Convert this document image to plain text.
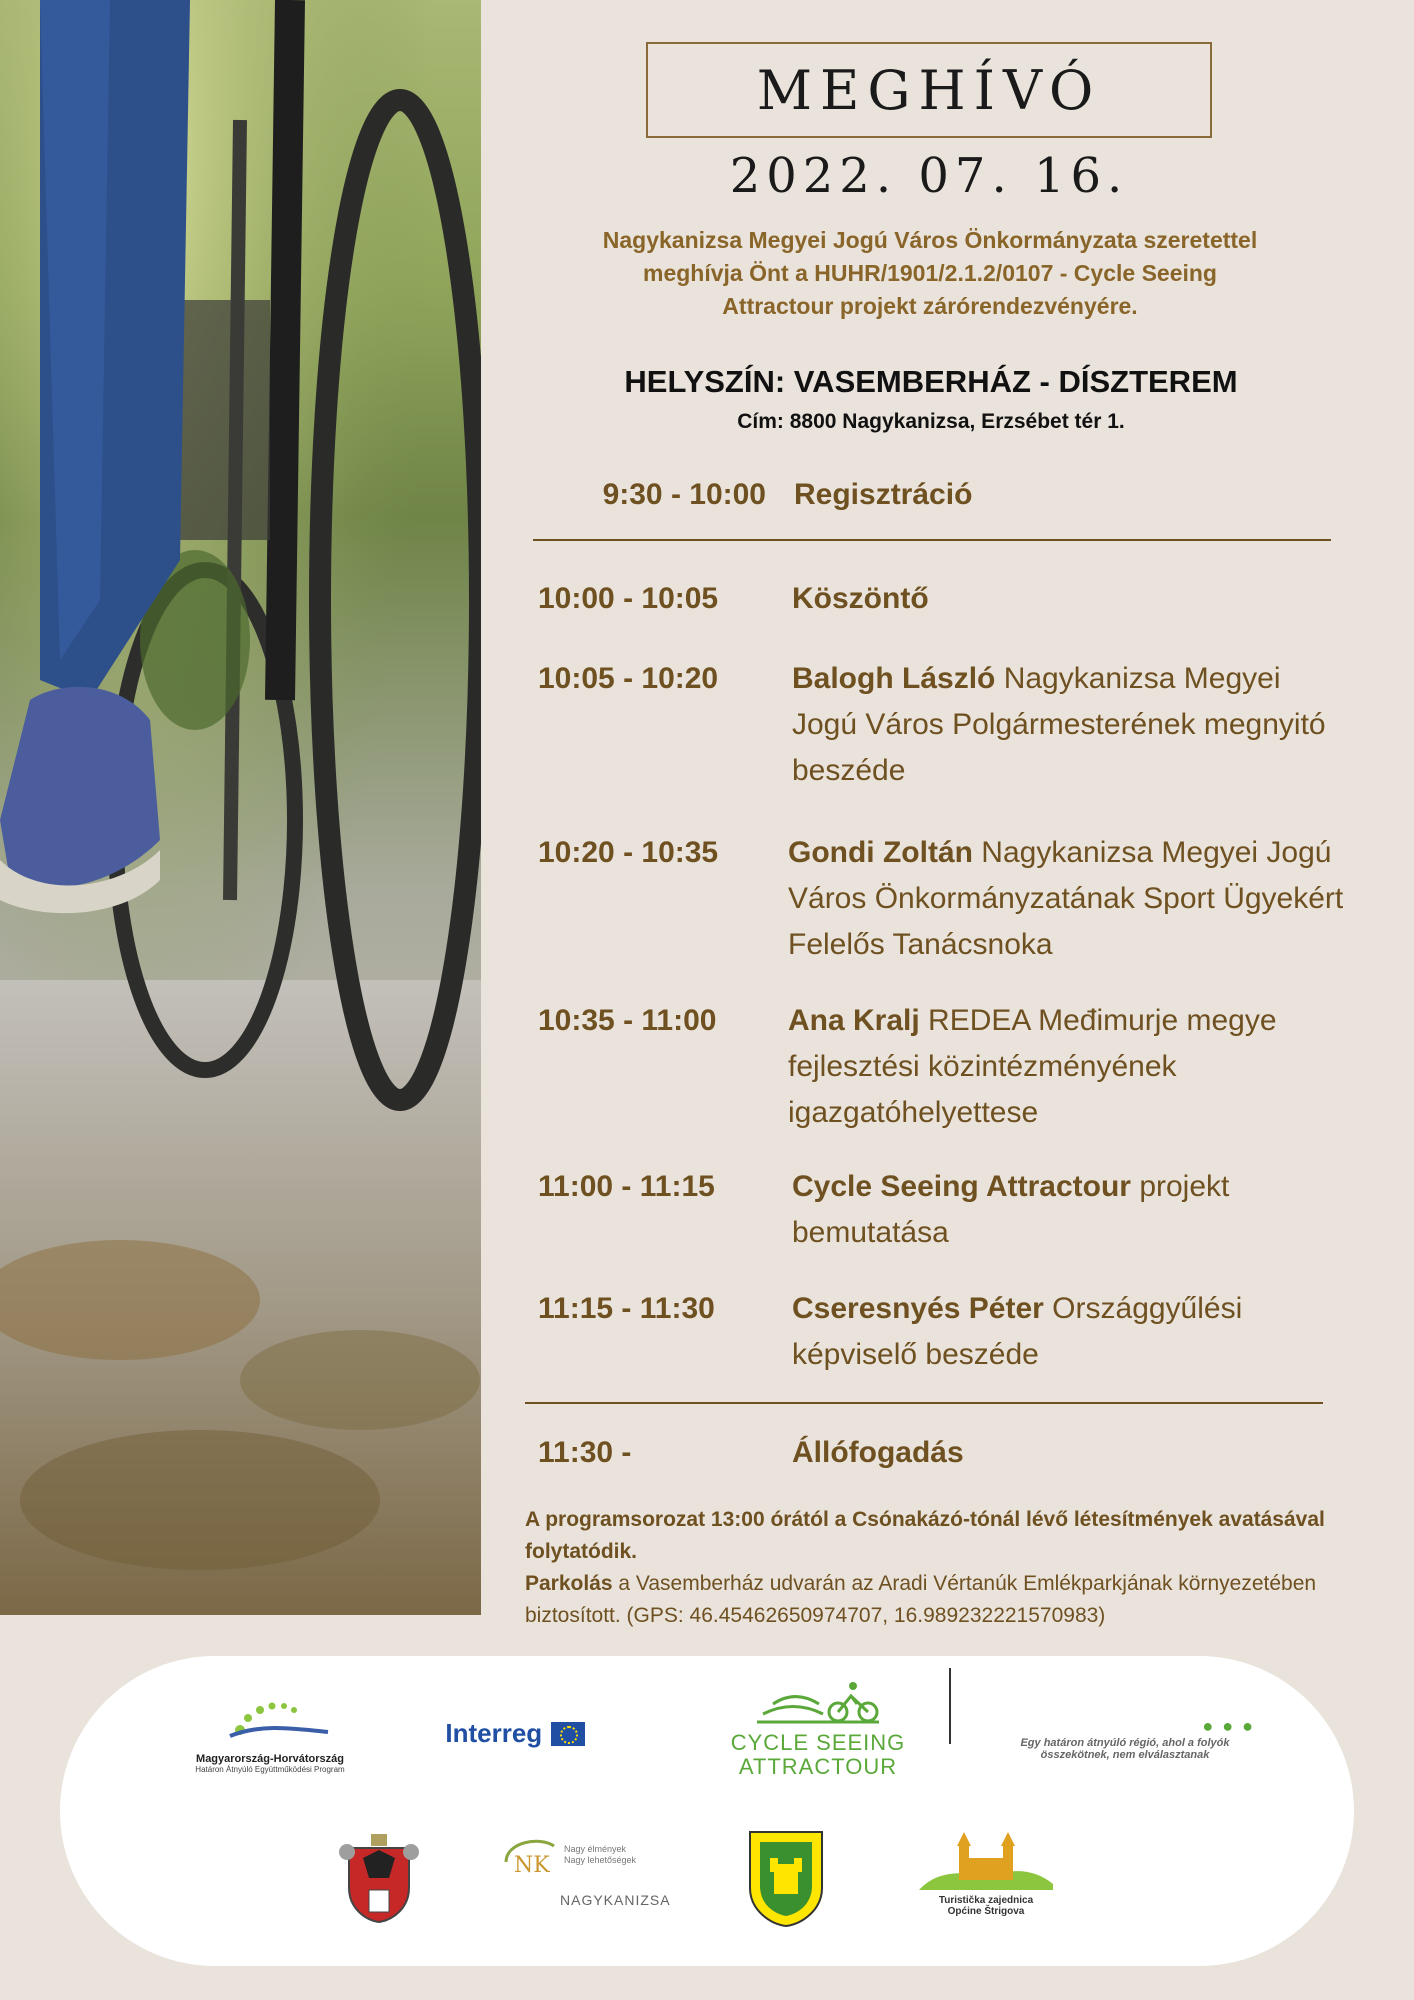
MEGHÍVÓ
2022. 07. 16.
Nagykanizsa Megyei Jogú Város Önkormányzata szeretettel
meghívja Önt a HUHR/1901/2.1.2/0107 - Cycle Seeing
Attractour projekt zárórendezvényére.
HELYSZÍN: VASEMBERHÁZ - DÍSZTEREM
Cím: 8800 Nagykanizsa, Erzsébet tér 1.
9:30 - 10:00 Regisztráció
10:00 - 10:05	Köszöntő
10:05 - 10:20	Balogh László Nagykanizsa Megyei Jogú Város Polgármesterének megnyitó beszéde
10:20 - 10:35	Gondi Zoltán Nagykanizsa Megyei Jogú Város Önkormányzatának Sport Ügyekért Felelős Tanácsnoka
10:35 - 11:00	Ana Kralj REDEA Međimurje megye fejlesztési közintézményének igazgatóhelyettese
11:00 - 11:15	Cycle Seeing Attractour projekt bemutatása
11:15 - 11:30	Cseresnyés Péter Országgyűlési képviselő beszéde
11:30 -	Állófogadás
A programsorozat 13:00 órától a Csónakázó-tónál lévő létesítmények avatásával folytatódik.
Parkolás a Vasemberház udvarán az Aradi Vértanúk Emlékparkjának környezetében biztosított. (GPS: 46.45462650974707, 16.989232221570983)
Magyarország-Horvátország
Határon Átnyúló Együttműködési Program
Interreg	CYCLE SEEING
ATTRACTOUR
● ● ●
Egy határon átnyúló régió, ahol a folyók
összekötnek, nem elválasztanak
NK
Nagy élmények
Nagy lehetőségek
NAGYKANIZSA	Turistička zajednica
Općine Štrigova
